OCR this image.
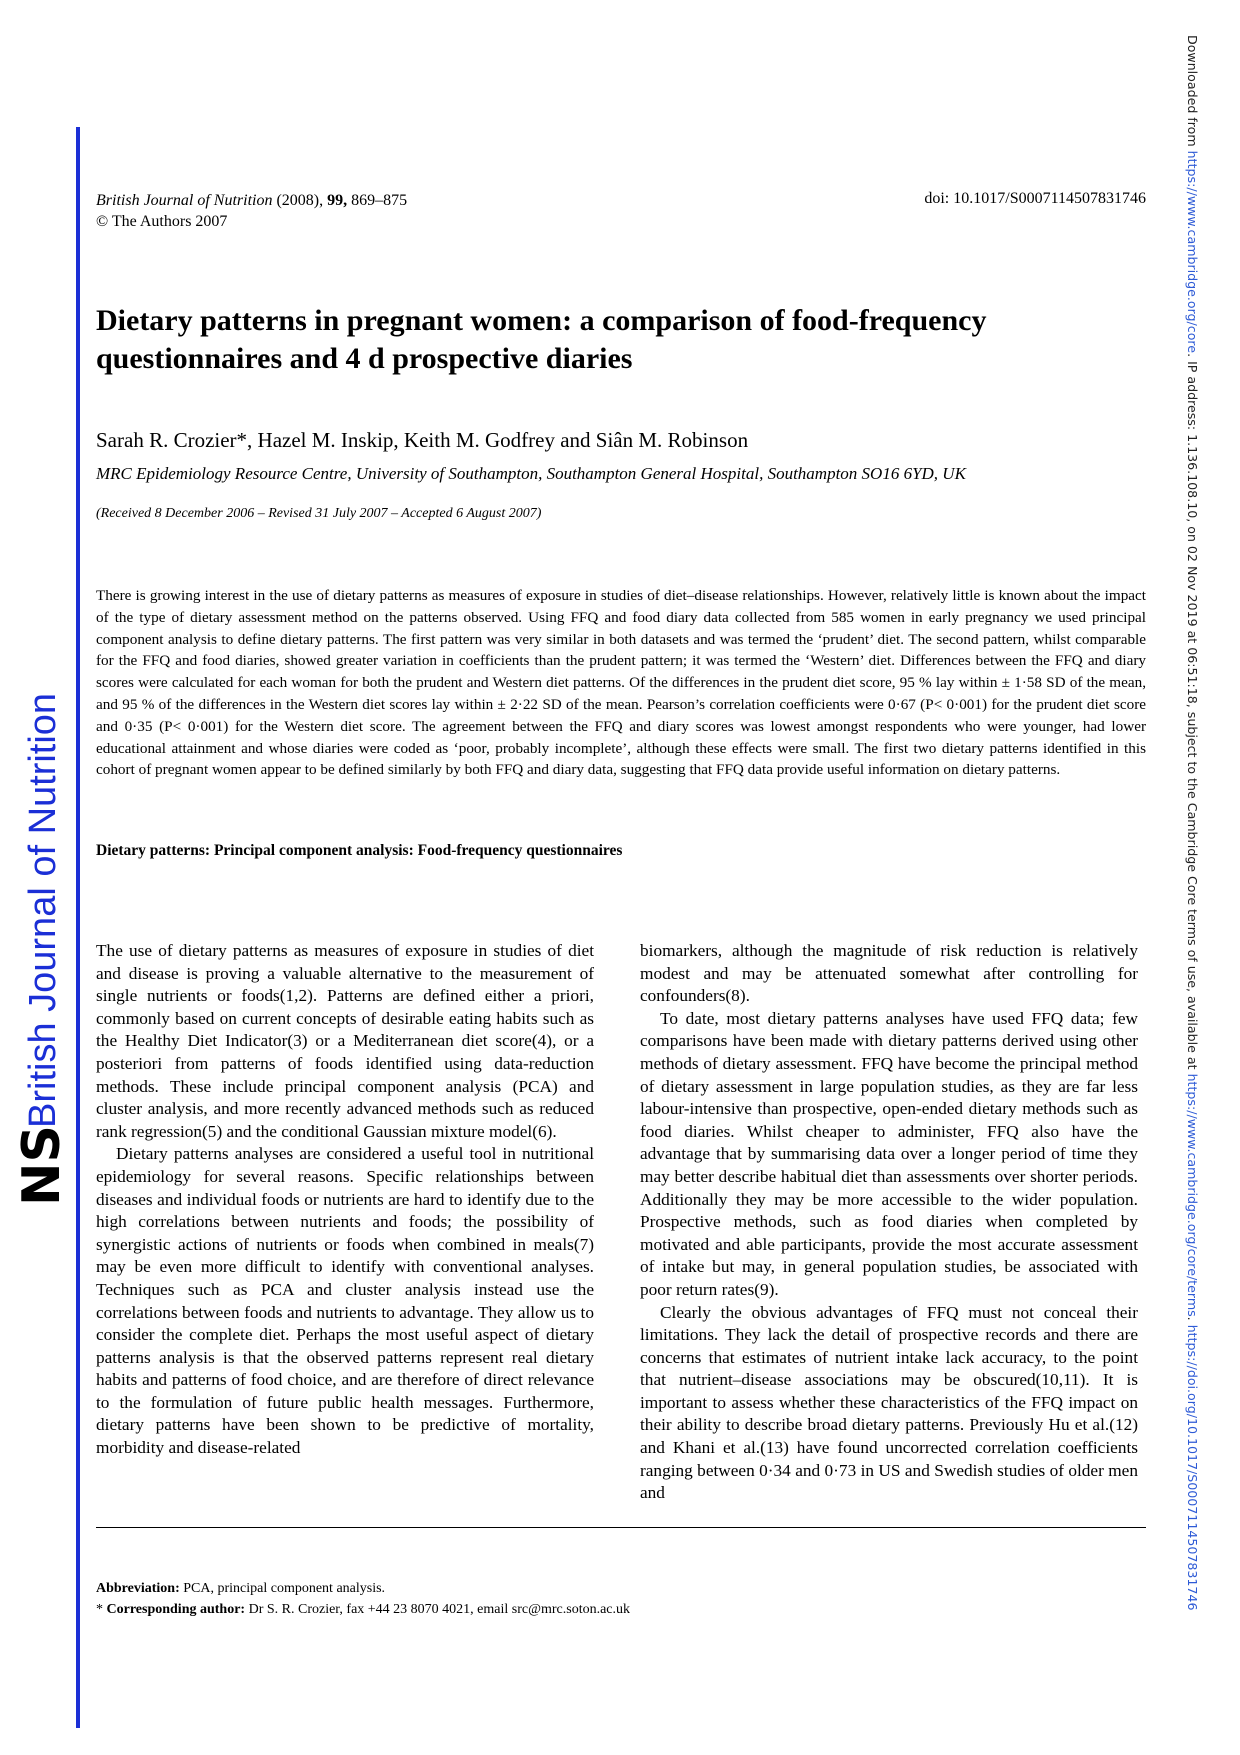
Downloaded from https://www.cambridge.org/core. IP address: 1.136.108.10, on 02 Nov 2019 at 06:51:18, subject to the Cambridge Core terms of use, available at https://www.cambridge.org/core/terms. https://doi.org/10.1017/S0007114507831746
NS
British Journal of Nutrition
British Journal of Nutrition (2008), 99, 869–875
© The Authors 2007
doi: 10.1017/S0007114507831746
Dietary patterns in pregnant women: a comparison of food-frequency questionnaires and 4 d prospective diaries
Sarah R. Crozier*, Hazel M. Inskip, Keith M. Godfrey and Siân M. Robinson
MRC Epidemiology Resource Centre, University of Southampton, Southampton General Hospital, Southampton SO16 6YD, UK
(Received 8 December 2006 – Revised 31 July 2007 – Accepted 6 August 2007)

There is growing interest in the use of dietary patterns as measures of exposure in studies of diet–disease relationships. However, relatively little is known about the impact of the type of dietary assessment method on the patterns observed. Using FFQ and food diary data collected from 585 women in early pregnancy we used principal component analysis to define dietary patterns. The first pattern was very similar in both datasets and was termed the ‘prudent’ diet. The second pattern, whilst comparable for the FFQ and food diaries, showed greater variation in coefficients than the prudent pattern; it was termed the ‘Western’ diet. Differences between the FFQ and diary scores were calculated for each woman for both the prudent and Western diet patterns. Of the differences in the prudent diet score, 95 % lay within ± 1·58 SD of the mean, and 95 % of the differences in the Western diet scores lay within ± 2·22 SD of the mean. Pearson’s correlation coefficients were 0·67 (P< 0·001) for the prudent diet score and 0·35 (P< 0·001) for the Western diet score. The agreement between the FFQ and diary scores was lowest amongst respondents who were younger, had lower educational attainment and whose diaries were coded as ‘poor, probably incomplete’, although these effects were small. The first two dietary patterns identified in this cohort of pregnant women appear to be defined similarly by both FFQ and diary data, suggesting that FFQ data provide useful information on dietary patterns.

Dietary patterns: Principal component analysis: Food-frequency questionnaires

The use of dietary patterns as measures of exposure in studies of diet and disease is proving a valuable alternative to the measurement of single nutrients or foods(1,2). Patterns are defined either a priori, commonly based on current concepts of desirable eating habits such as the Healthy Diet Indicator(3) or a Mediterranean diet score(4), or a posteriori from patterns of foods identified using data-reduction methods. These include principal component analysis (PCA) and cluster analysis, and more recently advanced methods such as reduced rank regression(5) and the conditional Gaussian mixture model(6).

Dietary patterns analyses are considered a useful tool in nutritional epidemiology for several reasons. Specific relationships between diseases and individual foods or nutrients are hard to identify due to the high correlations between nutrients and foods; the possibility of synergistic actions of nutrients or foods when combined in meals(7) may be even more difficult to identify with conventional analyses. Techniques such as PCA and cluster analysis instead use the correlations between foods and nutrients to advantage. They allow us to consider the complete diet. Perhaps the most useful aspect of dietary patterns analysis is that the observed patterns represent real dietary habits and patterns of food choice, and are therefore of direct relevance to the formulation of future public health messages. Furthermore, dietary patterns have been shown to be predictive of mortality, morbidity and disease-related

biomarkers, although the magnitude of risk reduction is relatively modest and may be attenuated somewhat after controlling for confounders(8).

To date, most dietary patterns analyses have used FFQ data; few comparisons have been made with dietary patterns derived using other methods of dietary assessment. FFQ have become the principal method of dietary assessment in large population studies, as they are far less labour-intensive than prospective, open-ended dietary methods such as food diaries. Whilst cheaper to administer, FFQ also have the advantage that by summarising data over a longer period of time they may better describe habitual diet than assessments over shorter periods. Additionally they may be more accessible to the wider population. Prospective methods, such as food diaries when completed by motivated and able participants, provide the most accurate assessment of intake but may, in general population studies, be associated with poor return rates(9).

Clearly the obvious advantages of FFQ must not conceal their limitations. They lack the detail of prospective records and there are concerns that estimates of nutrient intake lack accuracy, to the point that nutrient–disease associations may be obscured(10,11). It is important to assess whether these characteristics of the FFQ impact on their ability to describe broad dietary patterns. Previously Hu et al.(12) and Khani et al.(13) have found uncorrected correlation coefficients ranging between 0·34 and 0·73 in US and Swedish studies of older men and

Abbreviation: PCA, principal component analysis.
* Corresponding author: Dr S. R. Crozier, fax +44 23 8070 4021, email src@mrc.soton.ac.uk
